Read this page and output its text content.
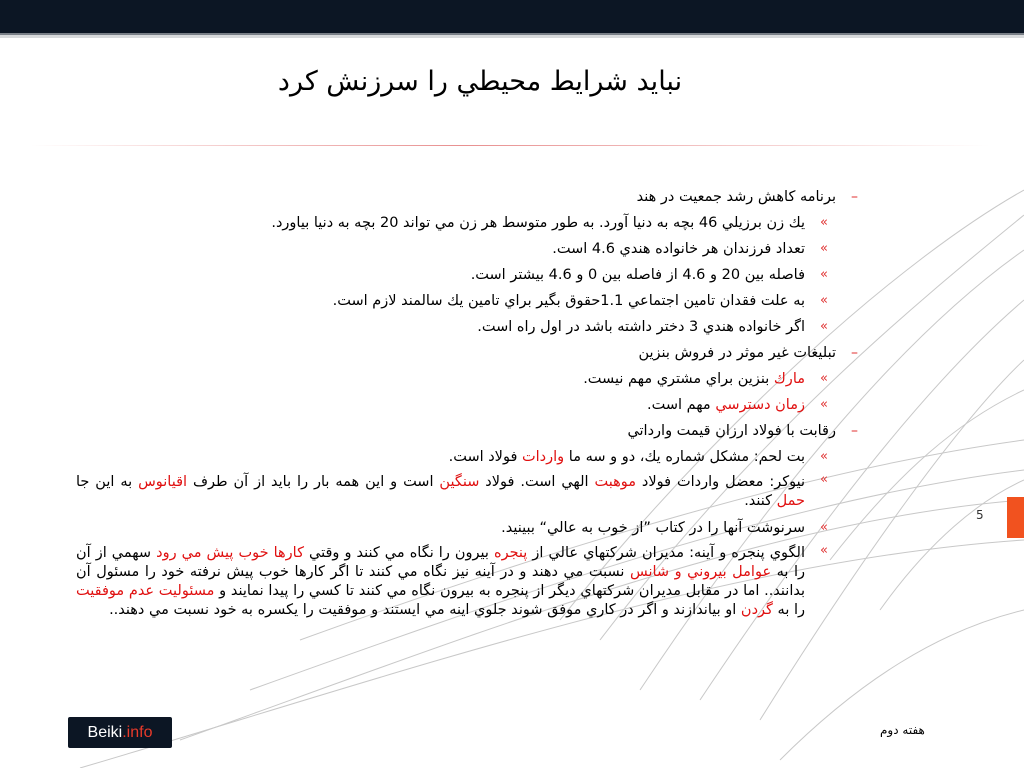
نبايد شرايط محيطي را سرزنش كرد
–
برنامه كاهش رشد جمعيت در هند
»
يك زن برزيلي 46 بچه به دنيا آورد. به طور متوسط هر زن مي تواند 20 بچه به دنيا بياورد.
»
تعداد فرزندان هر خانواده هندي 4.6 است.
»
فاصله بين 20 و 4.6 از فاصله بين 0 و 4.6 بيشتر است.
»
به علت فقدان تامين اجتماعي 1.1حقوق بگير براي تامين يك سالمند لازم است.
»
اگر خانواده هندي 3 دختر داشته باشد در اول راه است.
–
تبليغات غير موثر در فروش بنزين
»
مارك بنزين براي مشتري مهم نيست.
»
زمان دسترسي مهم است.
–
رقابت با فولاد ارزان قيمت وارداتي
»
بت لحم: مشكل شماره يك، دو و سه ما واردات فولاد است.
»
نيوكر: معضل واردات فولاد موهبت الهي است. فولاد سنگين است و اين همه بار را بايد از آن طرف اقيانوس به اين جا حمل كنند.
»
سرنوشت آنها را در كتاب ”از خوب به عالي“ ببينيد.
»
الگوي پنجره و آينه: مديران شركتهاي عالي از پنجره بيرون را نگاه مي كنند و وقتي كارها خوب پيش مي رود سهمي از آن را به عوامل بيروني و شانس نسبت مي دهند و در آينه نيز نگاه مي كنند تا اگر كارها خوب پيش نرفته خود را مسئول آن بدانند.. اما در مقابل مديران شركتهاي ديگر از پنجره به بيرون نگاه مي كنند تا كسي را پيدا نمايند و مسئوليت عدم موفقيت را به گردن او بياندازند و اگر در كاري موفق شوند جلوي اينه مي ايستند و موفقيت را يكسره به خود نسبت مي دهند..
5
Beiki.info	هفته دوم
